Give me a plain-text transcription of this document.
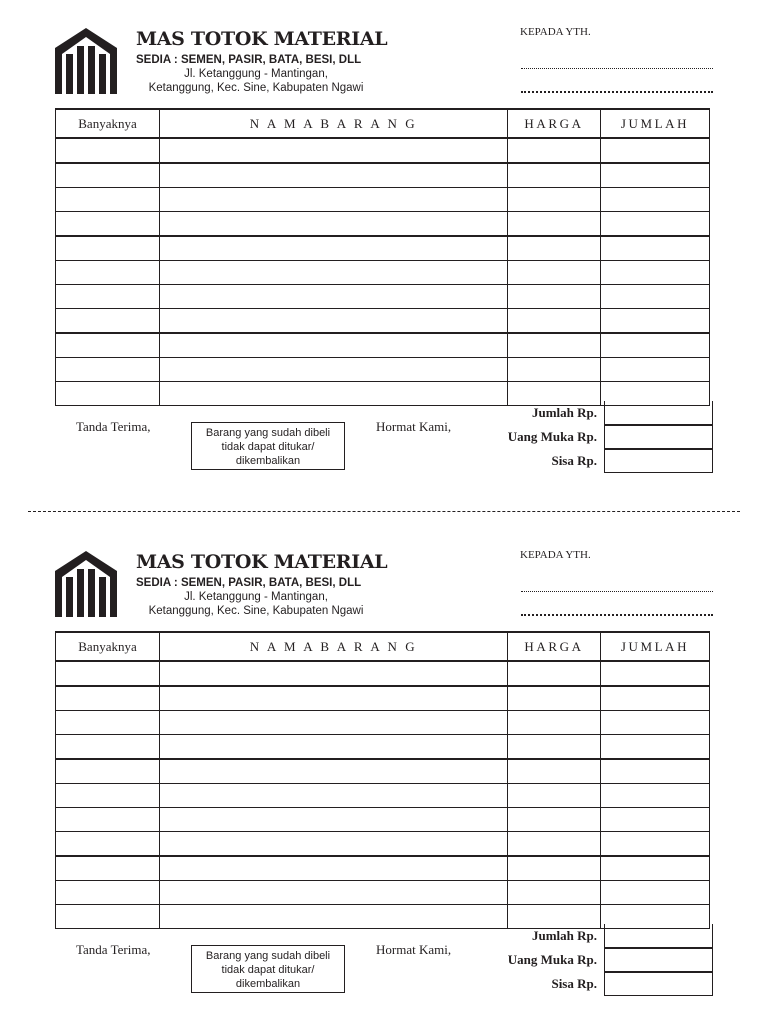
MAS TOTOK MATERIAL
SEDIA : SEMEN, PASIR, BATA, BESI, DLL
Jl. Ketanggung - Mantingan,
Ketanggung, Kec. Sine, Kabupaten Ngawi
KEPADA YTH.
Banyaknya	N A M A B A R A N G	HARGA	JUMLAH

Tanda Terima,	Barang yang sudah dibeli
tidak dapat ditukar/
dikembalikan
Hormat Kami,
Jumlah Rp.
Uang Muka Rp.
Sisa Rp.
MAS TOTOK MATERIAL
SEDIA : SEMEN, PASIR, BATA, BESI, DLL
Jl. Ketanggung - Mantingan,
Ketanggung, Kec. Sine, Kabupaten Ngawi
KEPADA YTH.
Banyaknya	N A M A B A R A N G	HARGA	JUMLAH

Tanda Terima,	Barang yang sudah dibeli
tidak dapat ditukar/
dikembalikan
Hormat Kami,
Jumlah Rp.
Uang Muka Rp.
Sisa Rp.
